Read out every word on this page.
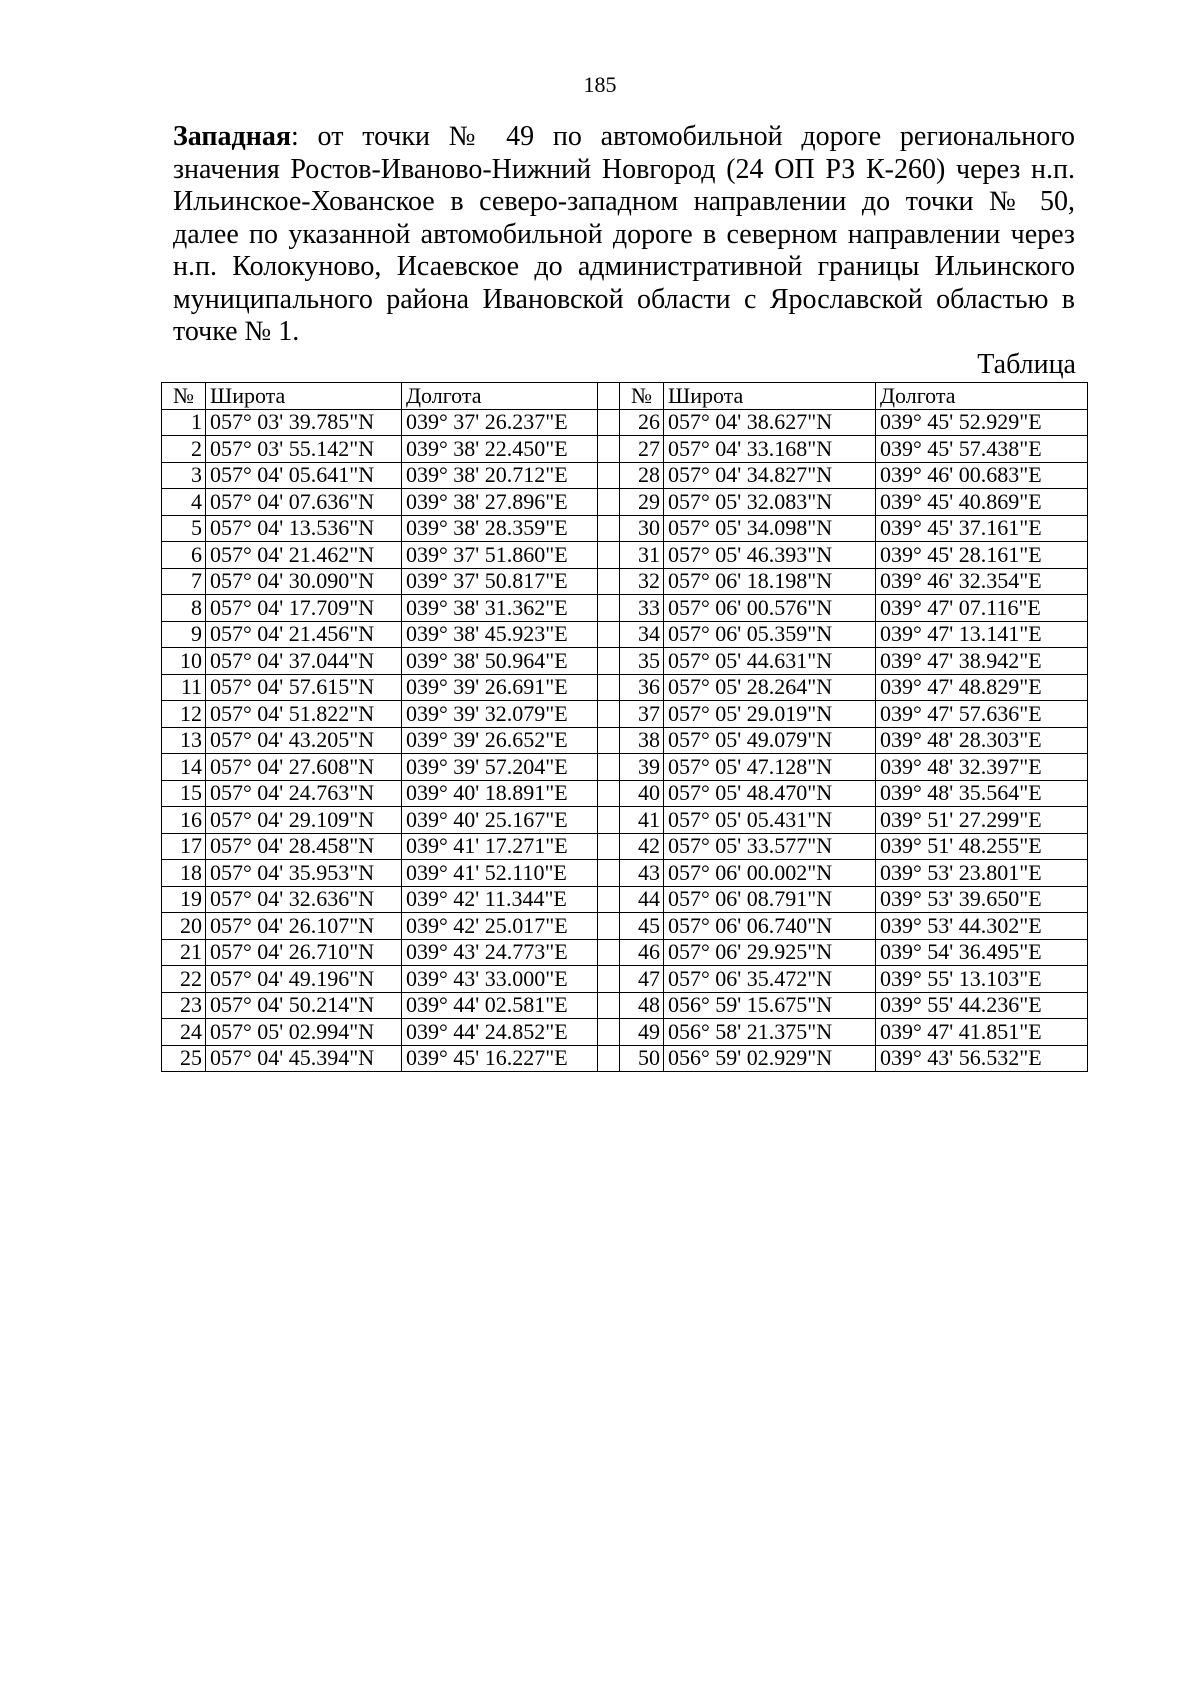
185

Западная: от точки № 49 по автомобильной дороге регионального значения Ростов-Иваново-Нижний Новгород (24 ОП РЗ К-260) через н.п. Ильинское-Хованское в северо-западном направлении до точки № 50, далее по указанной автомобильной дороге в северном направлении через н.п. Колокуново, Исаевское до административной границы Ильинского муниципального района Ивановской области с Ярославской областью в точке № 1.

Таблица
№	Широта	Долгота		№	Широта	Долгота
1	057° 03' 39.785"N	039° 37' 26.237"E		26	057° 04' 38.627"N	039° 45' 52.929"E
2	057° 03' 55.142"N	039° 38' 22.450"E		27	057° 04' 33.168"N	039° 45' 57.438"E
3	057° 04' 05.641"N	039° 38' 20.712"E		28	057° 04' 34.827"N	039° 46' 00.683"E
4	057° 04' 07.636"N	039° 38' 27.896"E		29	057° 05' 32.083"N	039° 45' 40.869"E
5	057° 04' 13.536"N	039° 38' 28.359"E		30	057° 05' 34.098"N	039° 45' 37.161"E
6	057° 04' 21.462"N	039° 37' 51.860"E		31	057° 05' 46.393"N	039° 45' 28.161"E
7	057° 04' 30.090"N	039° 37' 50.817"E		32	057° 06' 18.198"N	039° 46' 32.354"E
8	057° 04' 17.709"N	039° 38' 31.362"E		33	057° 06' 00.576"N	039° 47' 07.116"E
9	057° 04' 21.456"N	039° 38' 45.923"E		34	057° 06' 05.359"N	039° 47' 13.141"E
10	057° 04' 37.044"N	039° 38' 50.964"E		35	057° 05' 44.631"N	039° 47' 38.942"E
11	057° 04' 57.615"N	039° 39' 26.691"E		36	057° 05' 28.264"N	039° 47' 48.829"E
12	057° 04' 51.822"N	039° 39' 32.079"E		37	057° 05' 29.019"N	039° 47' 57.636"E
13	057° 04' 43.205"N	039° 39' 26.652"E		38	057° 05' 49.079"N	039° 48' 28.303"E
14	057° 04' 27.608"N	039° 39' 57.204"E		39	057° 05' 47.128"N	039° 48' 32.397"E
15	057° 04' 24.763"N	039° 40' 18.891"E		40	057° 05' 48.470"N	039° 48' 35.564"E
16	057° 04' 29.109"N	039° 40' 25.167"E		41	057° 05' 05.431"N	039° 51' 27.299"E
17	057° 04' 28.458"N	039° 41' 17.271"E		42	057° 05' 33.577"N	039° 51' 48.255"E
18	057° 04' 35.953"N	039° 41' 52.110"E		43	057° 06' 00.002"N	039° 53' 23.801"E
19	057° 04' 32.636"N	039° 42' 11.344"E		44	057° 06' 08.791"N	039° 53' 39.650"E
20	057° 04' 26.107"N	039° 42' 25.017"E		45	057° 06' 06.740"N	039° 53' 44.302"E
21	057° 04' 26.710"N	039° 43' 24.773"E		46	057° 06' 29.925"N	039° 54' 36.495"E
22	057° 04' 49.196"N	039° 43' 33.000"E		47	057° 06' 35.472"N	039° 55' 13.103"E
23	057° 04' 50.214"N	039° 44' 02.581"E		48	056° 59' 15.675"N	039° 55' 44.236"E
24	057° 05' 02.994"N	039° 44' 24.852"E		49	056° 58' 21.375"N	039° 47' 41.851"E
25	057° 04' 45.394"N	039° 45' 16.227"E		50	056° 59' 02.929"N	039° 43' 56.532"E
